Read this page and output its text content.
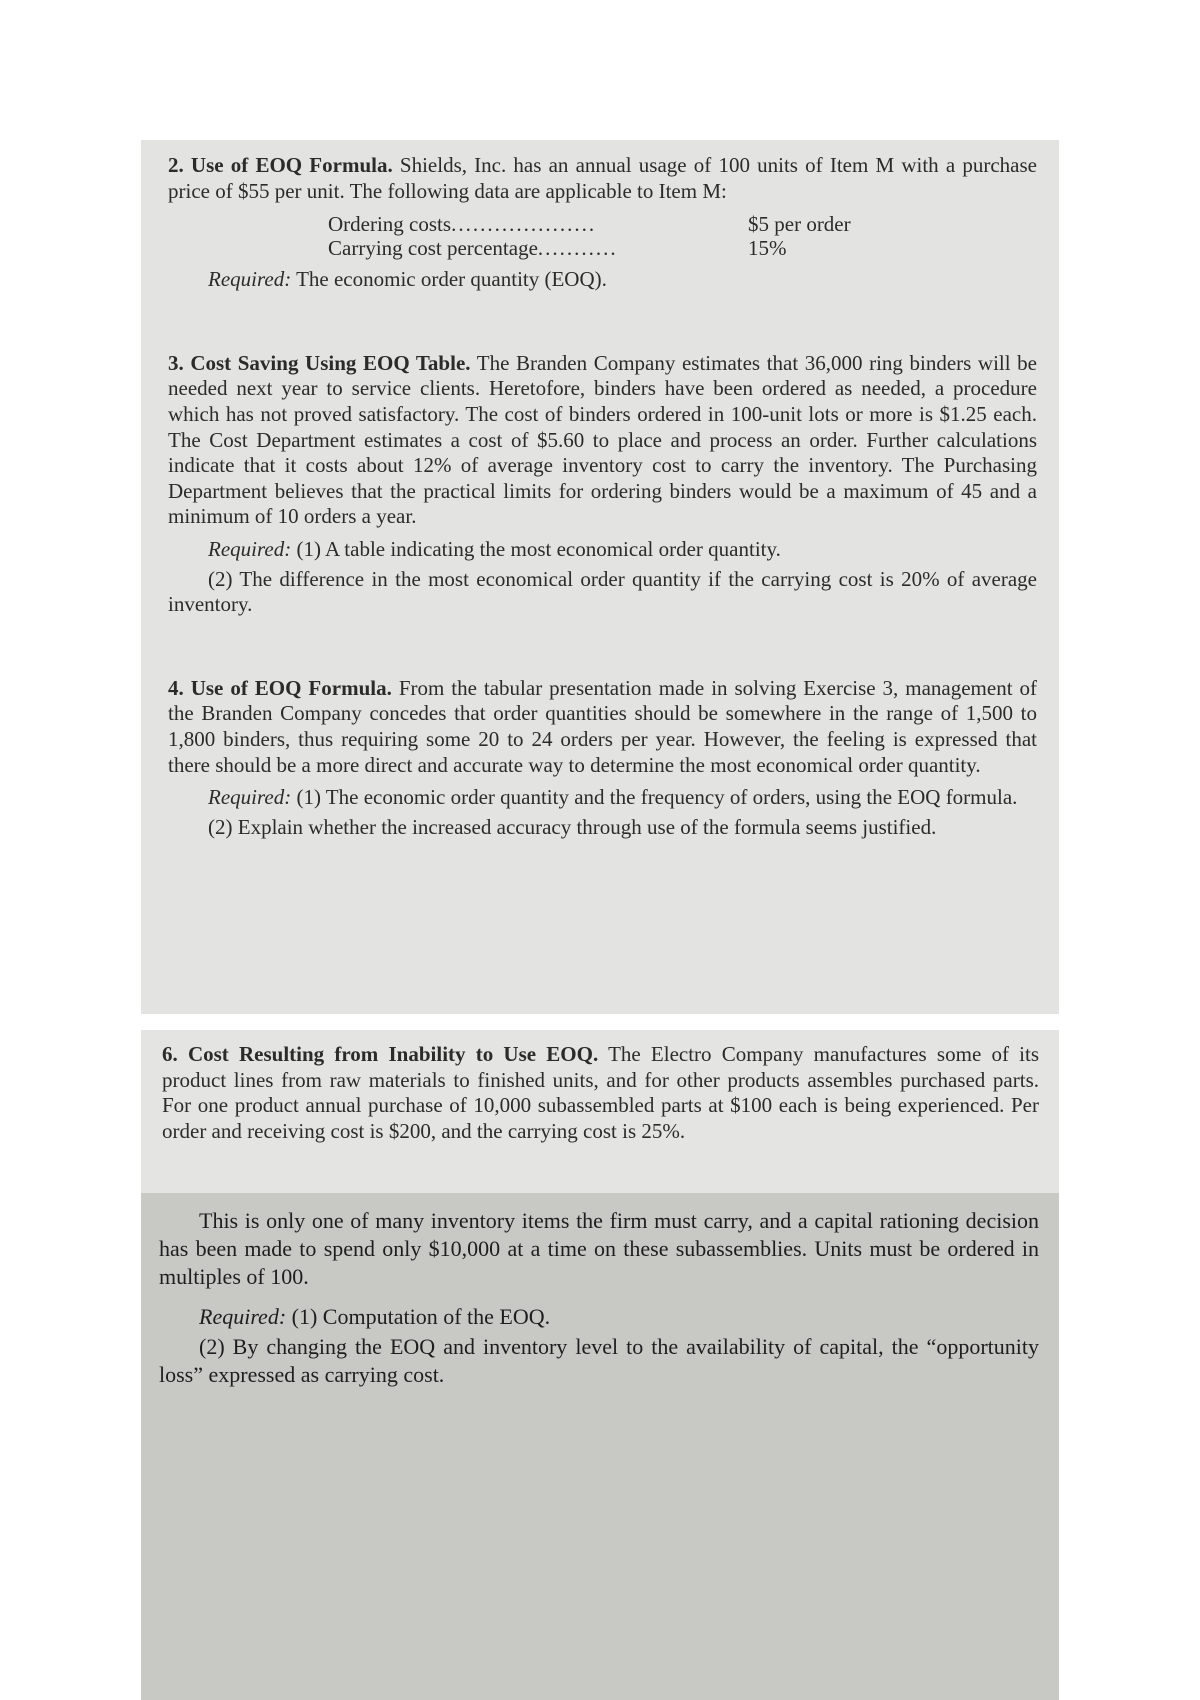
2. Use of EOQ Formula. Shields, Inc. has an annual usage of 100 units of Item M with a purchase price of $55 per unit. The following data are applicable to Item M:

Ordering costs....................	$5 per order
Carrying cost percentage...........	15%

Required: The economic order quantity (EOQ).

3. Cost Saving Using EOQ Table. The Branden Company estimates that 36,000 ring binders will be needed next year to service clients. Heretofore, binders have been ordered as needed, a procedure which has not proved satisfactory. The cost of binders ordered in 100-unit lots or more is $1.25 each. The Cost Department estimates a cost of $5.60 to place and process an order. Further calculations indicate that it costs about 12% of average inventory cost to carry the inventory. The Purchasing Department believes that the practical limits for ordering binders would be a maximum of 45 and a minimum of 10 orders a year.

Required: (1) A table indicating the most economical order quantity.

(2) The difference in the most economical order quantity if the carrying cost is 20% of average inventory.

4. Use of EOQ Formula. From the tabular presentation made in solving Exercise 3, management of the Branden Company concedes that order quantities should be somewhere in the range of 1,500 to 1,800 binders, thus requiring some 20 to 24 orders per year. However, the feeling is expressed that there should be a more direct and accurate way to determine the most economical order quantity.

Required: (1) The economic order quantity and the frequency of orders, using the EOQ formula.

(2) Explain whether the increased accuracy through use of the formula seems justified.

6. Cost Resulting from Inability to Use EOQ. The Electro Company manufactures some of its product lines from raw materials to finished units, and for other products assembles purchased parts. For one product annual purchase of 10,000 subassembled parts at $100 each is being experienced. Per order and receiving cost is $200, and the carrying cost is 25%.

This is only one of many inventory items the firm must carry, and a capital rationing decision has been made to spend only $10,000 at a time on these subassemblies. Units must be ordered in multiples of 100.

Required: (1) Computation of the EOQ.

(2) By changing the EOQ and inventory level to the availability of capital, the “opportunity loss” expressed as carrying cost.
